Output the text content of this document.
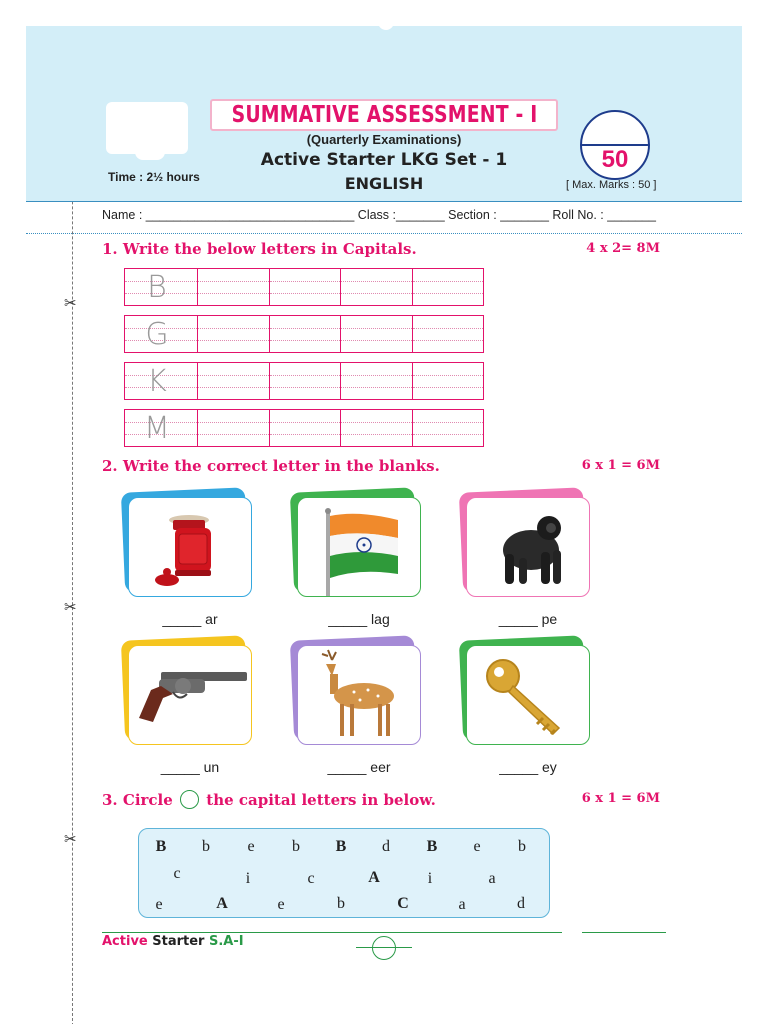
✂
✂
✂
SUMMATIVE ASSESSMENT - I
(Quarterly Examinations)
Active Starter LKG Set - 1
ENGLISH
Time : 2½ hours
50
[ Max. Marks : 50 ]
Name : ______________________________ Class :_______ Section : _______ Roll No. : _______
1. Write the below letters in Capitals.	4 x 2= 8M
B
G
K
M
2. Write the correct letter in the blanks.	6 x 1 = 6M
_____ ar	_____ lag	_____ pe
_____ un	_____ eer	_____ ey
3. Circle the capital letters in below.	6 x 1 = 6M
B	b	e	b	B	d	B	e	b
c	i	c	A	i	a
e	A	e	b	C	a	d
Active Starter S.A-I
